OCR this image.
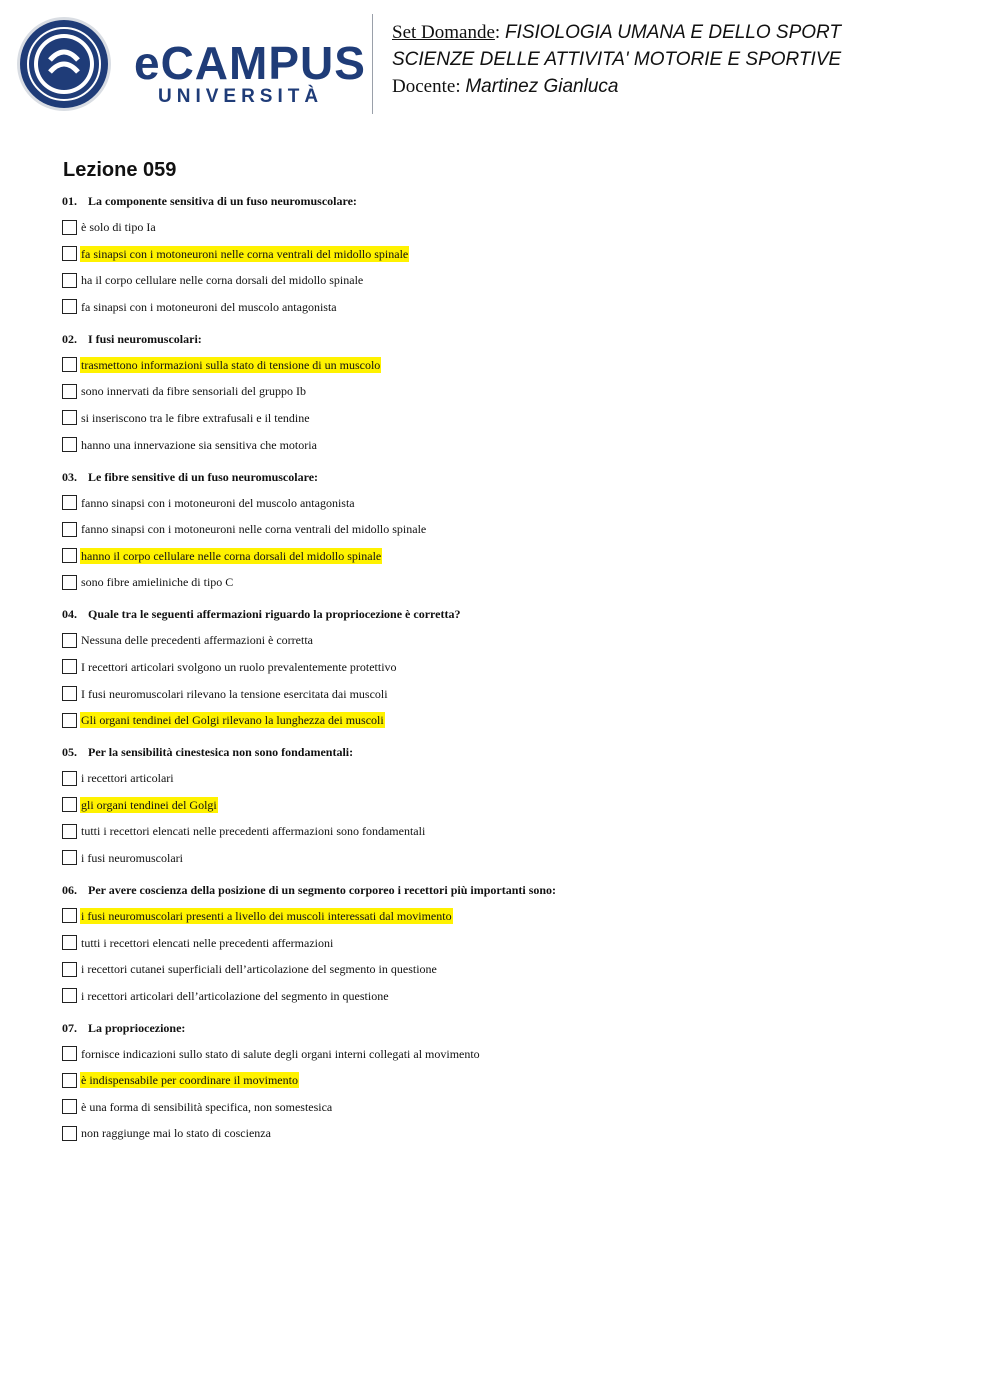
eCAMPUS
UNIVERSITÀ
Set Domande: FISIOLOGIA UMANA E DELLO SPORT
SCIENZE DELLE ATTIVITA' MOTORIE E SPORTIVE
Docente: Martinez Gianluca
Lezione 059
01. La componente sensitiva di un fuso neuromuscolare:
è solo di tipo Ia
fa sinapsi con i motoneuroni nelle corna ventrali del midollo spinale
ha il corpo cellulare nelle corna dorsali del midollo spinale
fa sinapsi con i motoneuroni del muscolo antagonista
02. I fusi neuromuscolari:
trasmettono informazioni sulla stato di tensione di un muscolo
sono innervati da fibre sensoriali del gruppo Ib
si inseriscono tra le fibre extrafusali e il tendine
hanno una innervazione sia sensitiva che motoria
03. Le fibre sensitive di un fuso neuromuscolare:
fanno sinapsi con i motoneuroni del muscolo antagonista
fanno sinapsi con i motoneuroni nelle corna ventrali del midollo spinale
hanno il corpo cellulare nelle corna dorsali del midollo spinale
sono fibre amieliniche di tipo C
04. Quale tra le seguenti affermazioni riguardo la propriocezione è corretta?
Nessuna delle precedenti affermazioni è corretta
I recettori articolari svolgono un ruolo prevalentemente protettivo
I fusi neuromuscolari rilevano la tensione esercitata dai muscoli
Gli organi tendinei del Golgi rilevano la lunghezza dei muscoli
05. Per la sensibilità cinestesica non sono fondamentali:
i recettori articolari
gli organi tendinei del Golgi
tutti i recettori elencati nelle precedenti affermazioni sono fondamentali
i fusi neuromuscolari
06. Per avere coscienza della posizione di un segmento corporeo i recettori più importanti sono:
i fusi neuromuscolari presenti a livello dei muscoli interessati dal movimento
tutti i recettori elencati nelle precedenti affermazioni
i recettori cutanei superficiali dell’articolazione del segmento in questione
i recettori articolari dell’articolazione del segmento in questione
07. La propriocezione:
fornisce indicazioni sullo stato di salute degli organi interni collegati al movimento
è indispensabile per coordinare il movimento
è una forma di sensibilità specifica, non somestesica
non raggiunge mai lo stato di coscienza
